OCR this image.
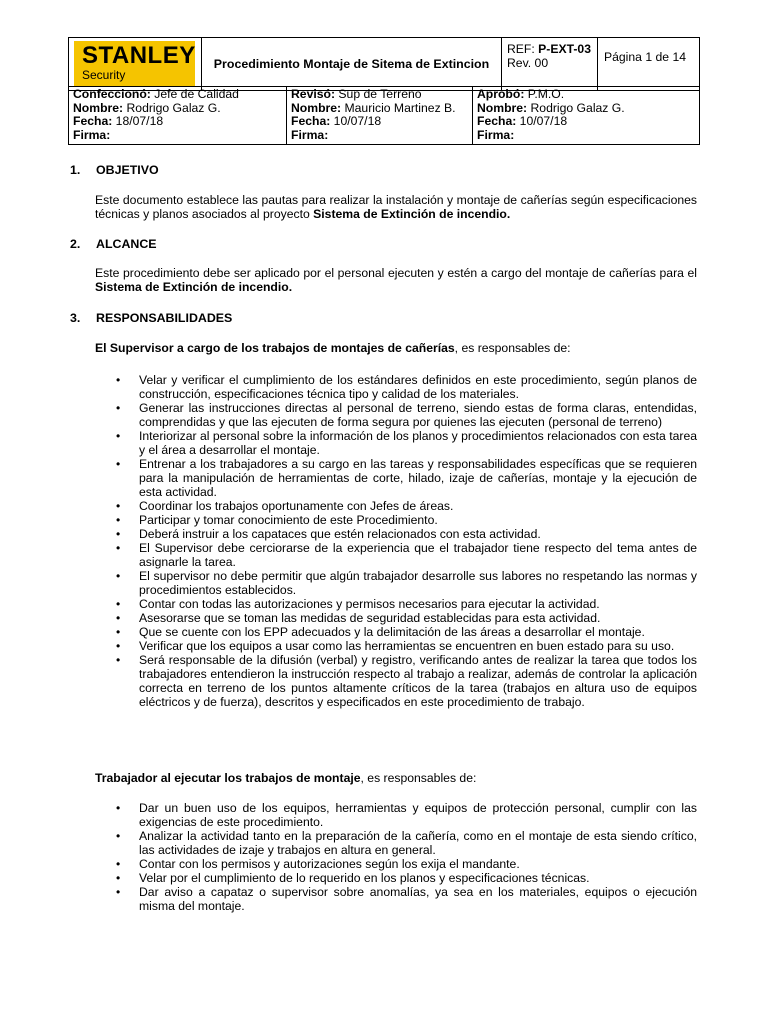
STANLEY
Security
	Procedimiento Montaje de Sitema de Extincion	REF: P-EXT-03
Rev. 00	Página 1 de 14
Confeccionó: Jefe de Calidad
Nombre: Rodrigo Galaz G.
Fecha: 18/07/18
Firma:

Revisó: Sup de Terreno
Nombre: Mauricio Martinez B.
Fecha: 10/07/18
Firma:

Aprobó: P.M.O.
Nombre: Rodrigo Galaz G.
Fecha: 10/07/18
Firma:
1. OBJETIVO
Este documento establece las pautas para realizar la instalación y montaje de cañerías según especificaciones técnicas y planos asociados al proyecto Sistema de Extinción de incendio.
2. ALCANCE
Este procedimiento debe ser aplicado por el personal ejecuten y estén a cargo del montaje de cañerías para el Sistema de Extinción de incendio.
3. RESPONSABILIDADES
El Supervisor a cargo de los trabajos de montajes de cañerías, es responsables de:
• Velar y verificar el cumplimiento de los estándares definidos en este procedimiento, según planos de construcción, especificaciones técnica tipo y calidad de los materiales.
• Generar las instrucciones directas al personal de terreno, siendo estas de forma claras, entendidas, comprendidas y que las ejecuten de forma segura por quienes las ejecuten (personal de terreno)
• Interiorizar al personal sobre la información de los planos y procedimientos relacionados con esta tarea y el área a desarrollar el montaje.
• Entrenar a los trabajadores a su cargo en las tareas y responsabilidades específicas que se requieren para la manipulación de herramientas de corte, hilado, izaje de cañerías, montaje y la ejecución de esta actividad.
• Coordinar los trabajos oportunamente con Jefes de áreas.
• Participar y tomar conocimiento de este Procedimiento.
• Deberá instruir a los capataces que estén relacionados con esta actividad.
• El Supervisor debe cerciorarse de la experiencia que el trabajador tiene respecto del tema antes de asignarle la tarea.
• El supervisor no debe permitir que algún trabajador desarrolle sus labores no respetando las normas y procedimientos establecidos.
• Contar con todas las autorizaciones y permisos necesarios para ejecutar la actividad.
• Asesorarse que se toman las medidas de seguridad establecidas para esta actividad.
• Que se cuente con los EPP adecuados y la delimitación de las áreas a desarrollar el montaje.
• Verificar que los equipos a usar como las herramientas se encuentren en buen estado para su uso.
• Será responsable de la difusión (verbal) y registro, verificando antes de realizar la tarea que todos los trabajadores entendieron la instrucción respecto al trabajo a realizar, además de controlar la aplicación correcta en terreno de los puntos altamente críticos de la tarea (trabajos en altura uso de equipos eléctricos y de fuerza), descritos y especificados en este procedimiento de trabajo.
Trabajador al ejecutar los trabajos de montaje, es responsables de:
• Dar un buen uso de los equipos, herramientas y equipos de protección personal, cumplir con las exigencias de este procedimiento.
• Analizar la actividad tanto en la preparación de la cañería, como en el montaje de esta siendo crítico, las actividades de izaje y trabajos en altura en general.
• Contar con los permisos y autorizaciones según los exija el mandante.
• Velar por el cumplimiento de lo requerido en los planos y especificaciones técnicas.
• Dar aviso a capataz o supervisor sobre anomalías, ya sea en los materiales, equipos o ejecución misma del montaje.
